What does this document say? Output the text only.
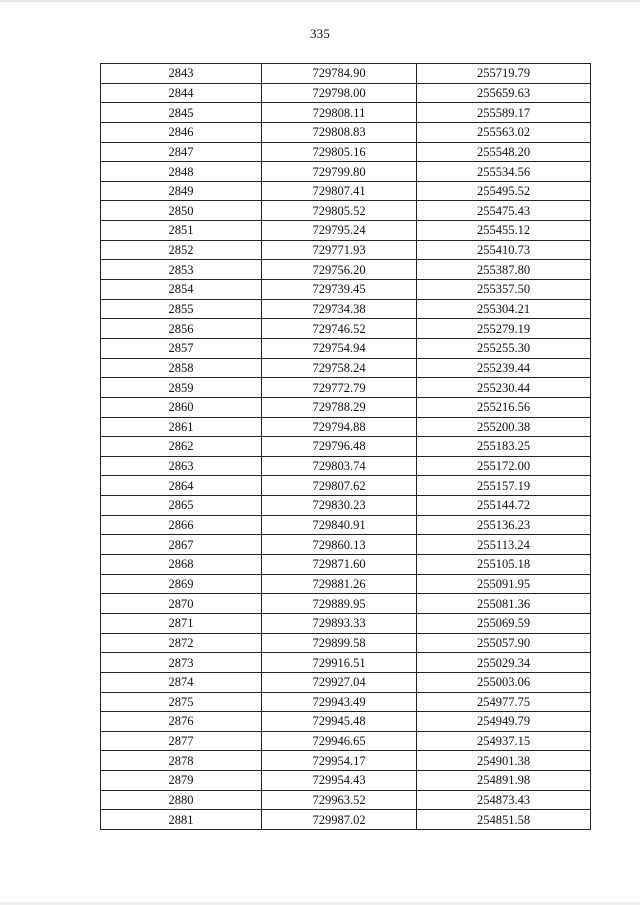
335
2843	729784.90	255719.79
2844	729798.00	255659.63
2845	729808.11	255589.17
2846	729808.83	255563.02
2847	729805.16	255548.20
2848	729799.80	255534.56
2849	729807.41	255495.52
2850	729805.52	255475.43
2851	729795.24	255455.12
2852	729771.93	255410.73
2853	729756.20	255387.80
2854	729739.45	255357.50
2855	729734.38	255304.21
2856	729746.52	255279.19
2857	729754.94	255255.30
2858	729758.24	255239.44
2859	729772.79	255230.44
2860	729788.29	255216.56
2861	729794.88	255200.38
2862	729796.48	255183.25
2863	729803.74	255172.00
2864	729807.62	255157.19
2865	729830.23	255144.72
2866	729840.91	255136.23
2867	729860.13	255113.24
2868	729871.60	255105.18
2869	729881.26	255091.95
2870	729889.95	255081.36
2871	729893.33	255069.59
2872	729899.58	255057.90
2873	729916.51	255029.34
2874	729927.04	255003.06
2875	729943.49	254977.75
2876	729945.48	254949.79
2877	729946.65	254937.15
2878	729954.17	254901.38
2879	729954.43	254891.98
2880	729963.52	254873.43
2881	729987.02	254851.58
